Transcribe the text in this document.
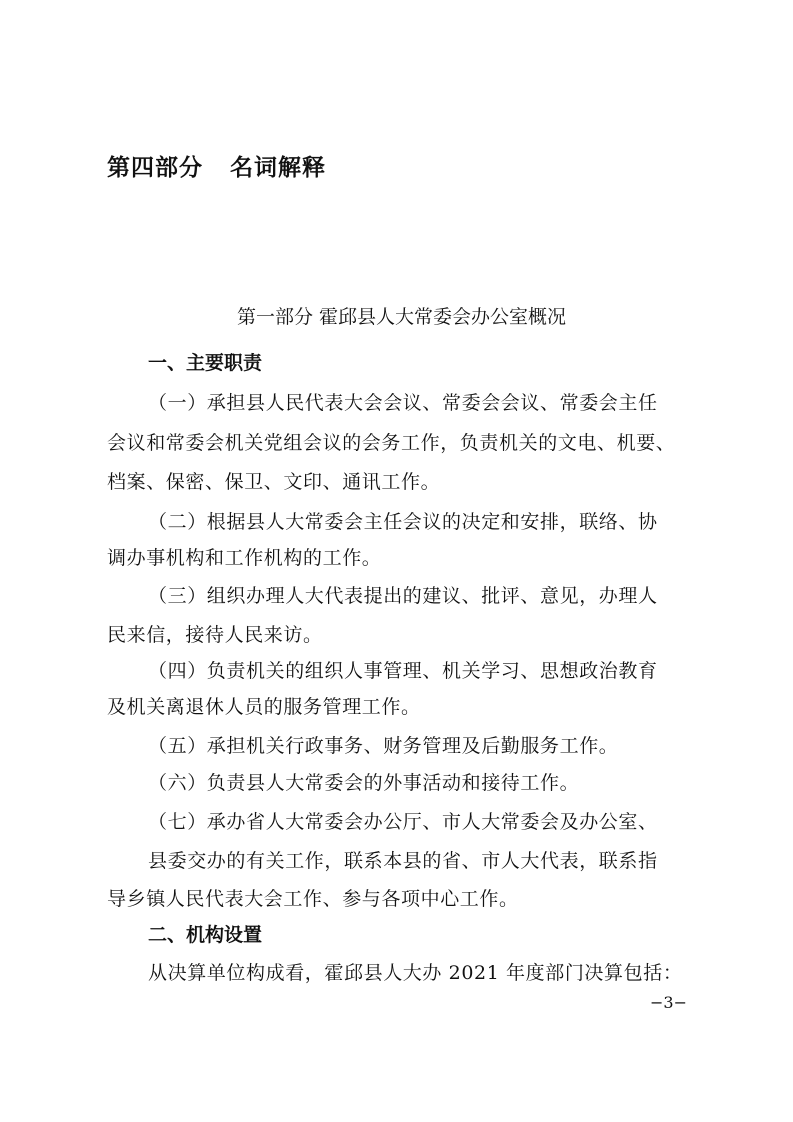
第四部分   名词解释
第一部分 霍邱县人大常委会办公室概况
一、主要职责
（一）承担县人民代表大会会议、常委会会议、常委会主任
会议和常委会机关党组会议的会务工作，负责机关的文电、机要、
档案、保密、保卫、文印、通讯工作。
（二）根据县人大常委会主任会议的决定和安排，联络、协
调办事机构和工作机构的工作。
（三）组织办理人大代表提出的建议、批评、意见，办理人
民来信，接待人民来访。
（四）负责机关的组织人事管理、机关学习、思想政治教育
及机关离退休人员的服务管理工作。
（五）承担机关行政事务、财务管理及后勤服务工作。
（六）负责县人大常委会的外事活动和接待工作。
（七）承办省人大常委会办公厅、市人大常委会及办公室、
县委交办的有关工作，联系本县的省、市人大代表，联系指
导乡镇人民代表大会工作、参与各项中心工作。
二、机构设置
从决算单位构成看，霍邱县人大办 2021 年度部门决算包括：
−3−
